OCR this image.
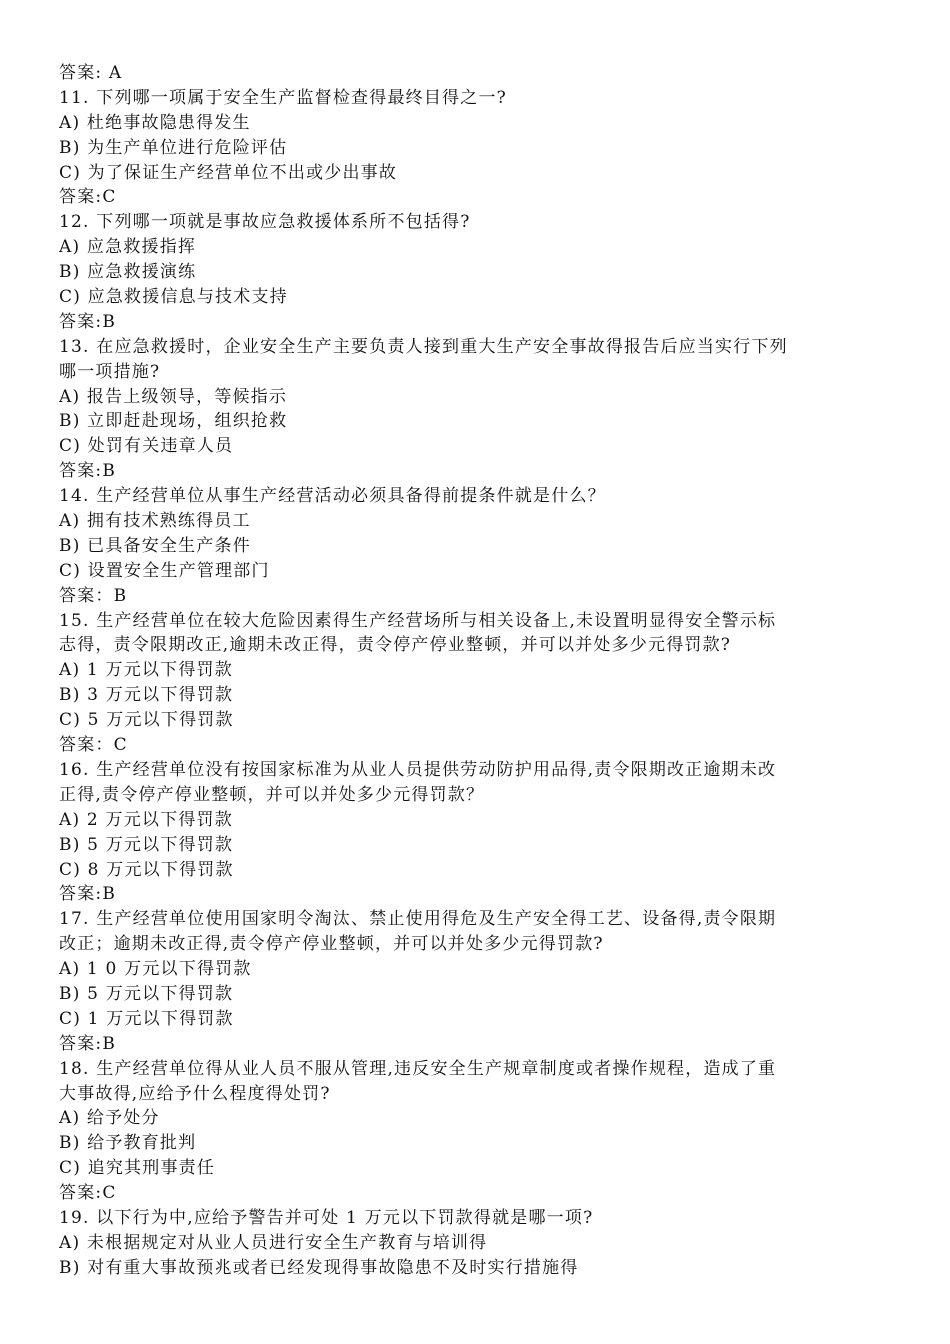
答案: A
11. 下列哪一项属于安全生产监督检查得最终目得之一?
A) 杜绝事故隐患得发生
B) 为生产单位进行危险评估
C) 为了保证生产经营单位不出或少出事故
答案:C
12. 下列哪一项就是事故应急救援体系所不包括得?
A) 应急救援指挥
B) 应急救援演练
C) 应急救援信息与技术支持
答案:B
13. 在应急救援时，企业安全生产主要负责人接到重大生产安全事故得报告后应当实行下列
哪一项措施?
A) 报告上级领导，等候指示
B) 立即赶赴现场，组织抢救
C) 处罚有关违章人员
答案:B
14. 生产经营单位从事生产经营活动必须具备得前提条件就是什么？
A) 拥有技术熟练得员工
B) 已具备安全生产条件
C) 设置安全生产管理部门
答案：B
15. 生产经营单位在较大危险因素得生产经营场所与相关设备上,未设置明显得安全警示标
志得，责令限期改正,逾期未改正得，责令停产停业整顿，并可以并处多少元得罚款?
A) 1 万元以下得罚款
B) 3 万元以下得罚款
C) 5 万元以下得罚款
答案：C
16. 生产经营单位没有按国家标准为从业人员提供劳动防护用品得,责令限期改正逾期未改
正得,责令停产停业整顿，并可以并处多少元得罚款？
A) 2 万元以下得罚款
B) 5 万元以下得罚款
C) 8 万元以下得罚款
答案:B
17. 生产经营单位使用国家明令淘汰、禁止使用得危及生产安全得工艺、设备得,责令限期
改正；逾期未改正得,责令停产停业整顿，并可以并处多少元得罚款?
A) 1 0 万元以下得罚款
B) 5 万元以下得罚款
C) 1 万元以下得罚款
答案:B
18. 生产经营单位得从业人员不服从管理,违反安全生产规章制度或者操作规程，造成了重
大事故得,应给予什么程度得处罚?
A) 给予处分
B) 给予教育批判
C) 追究其刑事责任
答案:C
19. 以下行为中,应给予警告并可处 1 万元以下罚款得就是哪一项?
A) 未根据规定对从业人员进行安全生产教育与培训得
B) 对有重大事故预兆或者已经发现得事故隐患不及时实行措施得
